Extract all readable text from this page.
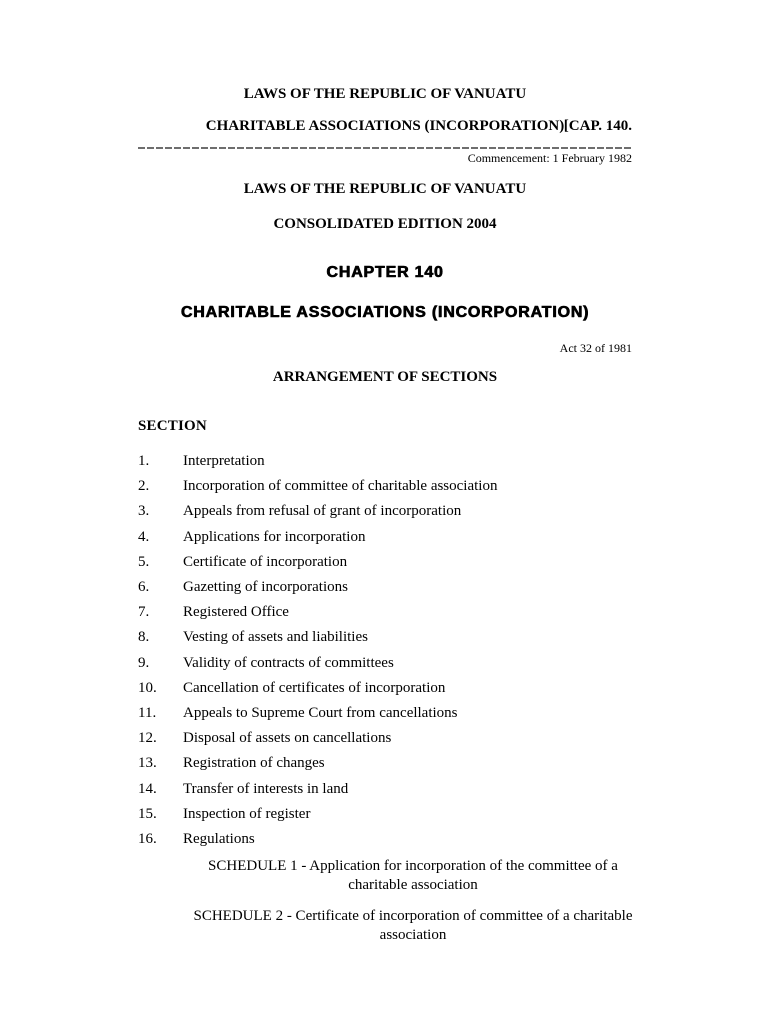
LAWS OF THE REPUBLIC OF VANUATU
CHARITABLE ASSOCIATIONS (INCORPORATION) [CAP. 140.
Commencement: 1 February 1982
LAWS OF THE REPUBLIC OF VANUATU
CONSOLIDATED EDITION 2004
CHAPTER 140
CHARITABLE ASSOCIATIONS (INCORPORATION)
Act 32 of 1981
ARRANGEMENT OF SECTIONS
SECTION
1.	Interpretation
2.	Incorporation of committee of charitable association
3.	Appeals from refusal of grant of incorporation
4.	Applications for incorporation
5.	Certificate of incorporation
6.	Gazetting of incorporations
7.	Registered Office
8.	Vesting of assets and liabilities
9.	Validity of contracts of committees
10.	Cancellation of certificates of incorporation
11.	Appeals to Supreme Court from cancellations
12.	Disposal of assets on cancellations
13.	Registration of changes
14.	Transfer of interests in land
15.	Inspection of register
16.	Regulations
SCHEDULE 1 - Application for incorporation of the committee of a charitable association
SCHEDULE 2 - Certificate of incorporation of committee of a charitable association
